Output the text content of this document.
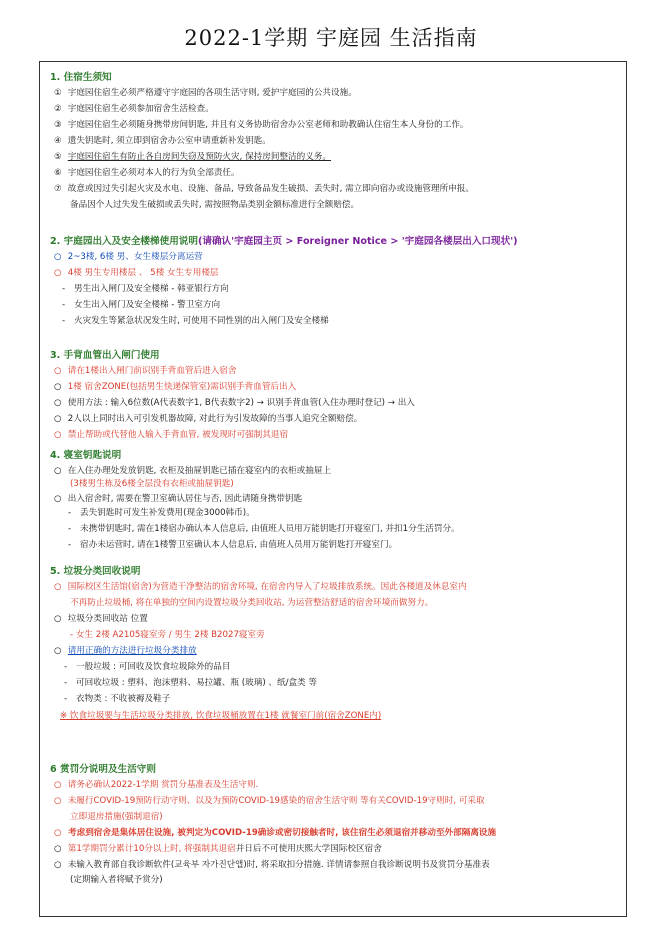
2022-1学期 宇庭园 生活指南
1. 住宿生须知
① 宇庭园住宿生必须严格遵守宇庭园的各项生活守则, 爱护宇庭园的公共设施。
② 宇庭园住宿生必须参加宿舍生活检查。
③ 宇庭园住宿生必须随身携带房间钥匙, 并且有义务协助宿舍办公室老师和助教确认住宿生本人身份的工作。
④ 遗失钥匙时, 须立即到宿舍办公室申请重新补发钥匙。
⑤ 宇庭园住宿生有防止各自房间失窃及预防火灾, 保持房间整洁的义务。
⑥ 宇庭园住宿生必须对本人的行为负全部责任。
⑦ 故意或因过失引起火灾及水电、设施、备品, 导致备品发生破损、丢失时, 需立即向宿办或设施管理所申报。
备品因个人过失发生破损或丢失时, 需按照物品类别金额标准进行全额赔偿。
2. 宇庭园出入及安全楼梯使用说明(请确认'宇庭园主页 > Foreigner Notice > '宇庭园各楼层出入口现状')
○ 2~3楼, 6楼 男、女生楼层分离运营
○ 4楼 男生专用楼层 、 5楼 女生专用楼层
- 男生出入闸门及安全楼梯 - 韩亚银行方向
- 女生出入闸门及安全楼梯 - 警卫室方向
- 火灾发生等紧急状况发生时, 可使用不同性别的出入闸门及安全楼梯
3. 手背血管出入闸门使用
○ 请在1楼出入闸门前识别手背血管后进入宿舍
○ 1楼 宿舍ZONE(包括男生快递保管室)需识别手背血管后出入
○ 使用方法 : 输入6位数(A代表数字1, B代表数字2) → 识别手背血管(入住办理时登记) → 出入
○ 2人以上同时出入可引发机器故障, 对此行为引发故障的当事人追究全额赔偿。
○ 禁止帮助或代替他人输入手背血管, 被发现时可强制其退宿
4. 寝室钥匙说明
○ 在入住办理处发放钥匙, 衣柜及抽屉钥匙已插在寝室内的衣柜或抽屉上
(3楼男生栋及6楼全层没有衣柜或抽屉钥匙)
○ 出入宿舍时, 需要在警卫室确认居住与否, 因此请随身携带钥匙
- 丢失钥匙时可发生补发费用(现金3000韩币)。
- 未携带钥匙时, 需在1楼宿办确认本人信息后, 由值班人员用万能钥匙打开寝室门, 并扣1分生活罚分。
- 宿办未运营时, 请在1楼警卫室确认本人信息后, 由值班人员用万能钥匙打开寝室门。
5. 垃圾分类回收说明
○ 国际校区生活馆(宿舍)为营造干净整洁的宿舍环境, 在宿舍内导入了垃圾排放系统。因此各楼道及休息室内
不再防止垃圾桶, 将在单独的空间内设置垃圾分类回收站, 为运营整洁舒适的宿舍环境而做努力。
○ 垃圾分类回收站 位置
- 女生 2楼 A2105寝室旁 / 男生 2楼 B2027寝室旁
○ 请用正确的方法进行垃圾分类排放
- 一般垃圾 : 可回收及饮食垃圾除外的品目
- 可回收垃圾 : 塑料、泡沫塑料、易拉罐、瓶 (玻璃) 、纸/盒类 等
- 衣物类 : 不收被褥及鞋子
※ 饮食垃圾要与生活垃圾分类排放, 饮食垃圾桶放置在1楼 就餐室门前(宿舍ZONE内)
6 赏罚分说明及生活守则
○ 请务必确认2022-1学期 赏罚分基准表及生活守则.
○ 未履行COVID-19预防行动守则、以及为预防COVID-19感染的宿舍生活守则 等有关COVID-19守则时, 可采取
立即退房措施(强制退宿)
○ 考虑到宿舍是集体居住设施, 被判定为COVID-19确诊或密切接触者时, 该住宿生必须退宿并移动至外部隔离设施
○ 第1学期罚分累计10分以上时, 将强制其退宿并日后不可使用庆熙大学国际校区宿舍
○ 未输入教育部自我诊断软件(교육부 자가진단앱)时, 将采取扣分措施. 详情请参照自我诊断说明书及赏罚分基准表
(定期输入者将赋予赏分)
